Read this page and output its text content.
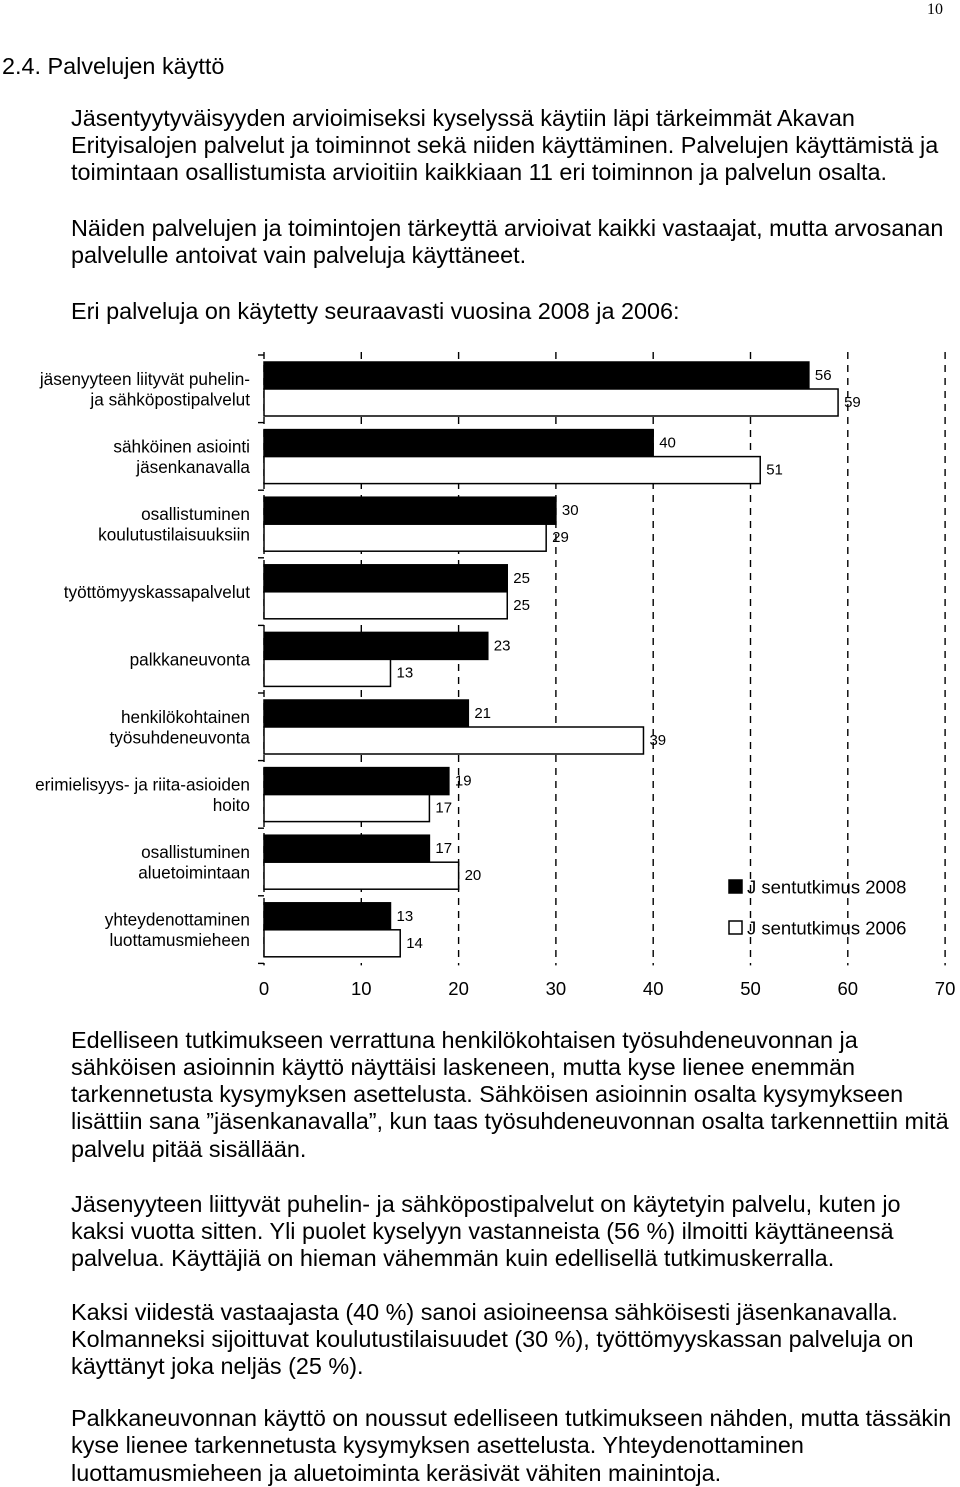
10
2.4. Palvelujen käyttö
Jäsentyytyväisyyden arvioimiseksi kyselyssä käytiin läpi tärkeimmät Akavan
Erityisalojen palvelut ja toiminnot sekä niiden käyttäminen. Palvelujen käyttämistä ja
toimintaan osallistumista arvioitiin kaikkiaan 11 eri toiminnon ja palvelun osalta.
Näiden palvelujen ja toimintojen tärkeyttä arvioivat kaikki vastaajat, mutta arvosanan
palvelulle antoivat vain palveluja käyttäneet.
Eri palveluja on käytetty seuraavasti vuosina 2008 ja 2006:
0	10	20	30	40	50	60	70
jäsenyyteen liityvät puhelin-
ja sähköpostipalvelut
56
59
sähköinen asiointi
jäsenkanavalla
40
51
osallistuminen
koulutustilaisuuksiin
30
29
työttömyyskassapalvelut
25
25
palkkaneuvonta
23
13
henkilökohtainen
työsuhdeneuvonta
21
39
erimielisyys- ja riita-asioiden
hoito
19
17
osallistuminen
aluetoimintaan
17
20
yhteydenottaminen
luottamusmieheen
13
14
J sentutkimus 2008
J sentutkimus 2006
Edelliseen tutkimukseen verrattuna henkilökohtaisen työsuhdeneuvonnan ja
sähköisen asioinnin käyttö näyttäisi laskeneen, mutta kyse lienee enemmän
tarkennetusta kysymyksen asettelusta. Sähköisen asioinnin osalta kysymykseen
lisättiin sana ”jäsenkanavalla”, kun taas työsuhdeneuvonnan osalta tarkennettiin mitä
palvelu pitää sisällään.
Jäsenyyteen liittyvät puhelin- ja sähköpostipalvelut on käytetyin palvelu, kuten jo
kaksi vuotta sitten. Yli puolet kyselyyn vastanneista (56 %) ilmoitti käyttäneensä
palvelua. Käyttäjiä on hieman vähemmän kuin edellisellä tutkimuskerralla.
Kaksi viidestä vastaajasta (40 %) sanoi asioineensa sähköisesti jäsenkanavalla.
Kolmanneksi sijoittuvat koulutustilaisuudet (30 %), työttömyyskassan palveluja on
käyttänyt joka neljäs (25 %).
Palkkaneuvonnan käyttö on noussut edelliseen tutkimukseen nähden, mutta tässäkin
kyse lienee tarkennetusta kysymyksen asettelusta. Yhteydenottaminen
luottamusmieheen ja aluetoiminta keräsivät vähiten mainintoja.
